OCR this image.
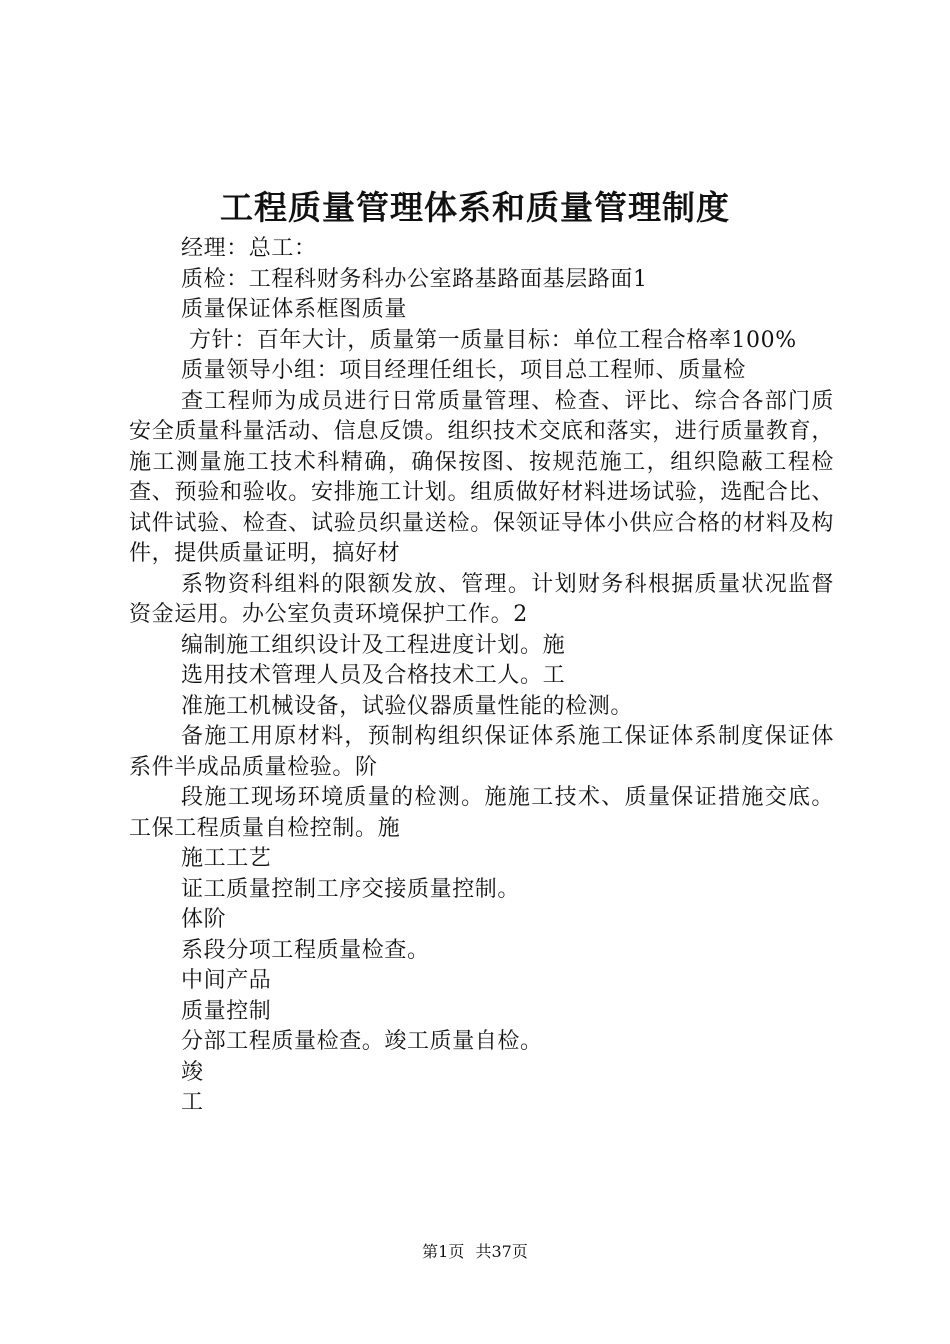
工程质量管理体系和质量管理制度

经理：总工：

质检：工程科财务科办公室路基路面基层路面1

质量保证体系框图质量

方针：百年大计，质量第一质量目标：单位工程合格率100%

质量领导小组：项目经理任组长，项目总工程师、质量检

查工程师为成员进行日常质量管理、检查、评比、综合各部门质安全质量科量活动、信息反馈。组织技术交底和落实，进行质量教育，施工测量施工技术科精确，确保按图、按规范施工，组织隐蔽工程检查、预验和验收。安排施工计划。组质做好材料进场试验，选配合比、试件试验、检查、试验员织量送检。保领证导体小供应合格的材料及构件，提供质量证明，搞好材

系物资科组料的限额发放、管理。计划财务科根据质量状况监督资金运用。办公室负责环境保护工作。2

编制施工组织设计及工程进度计划。施

选用技术管理人员及合格技术工人。工

准施工机械设备，试验仪器质量性能的检测。

备施工用原材料，预制构组织保证体系施工保证体系制度保证体系件半成品质量检验。阶

段施工现场环境质量的检测。施施工技术、质量保证措施交底。工保工程质量自检控制。施

施工工艺

证工质量控制工序交接质量控制。

体阶

系段分项工程质量检查。

中间产品

质量控制

分部工程质量检查。竣工质量自检。

竣

工

第1页 共37页
